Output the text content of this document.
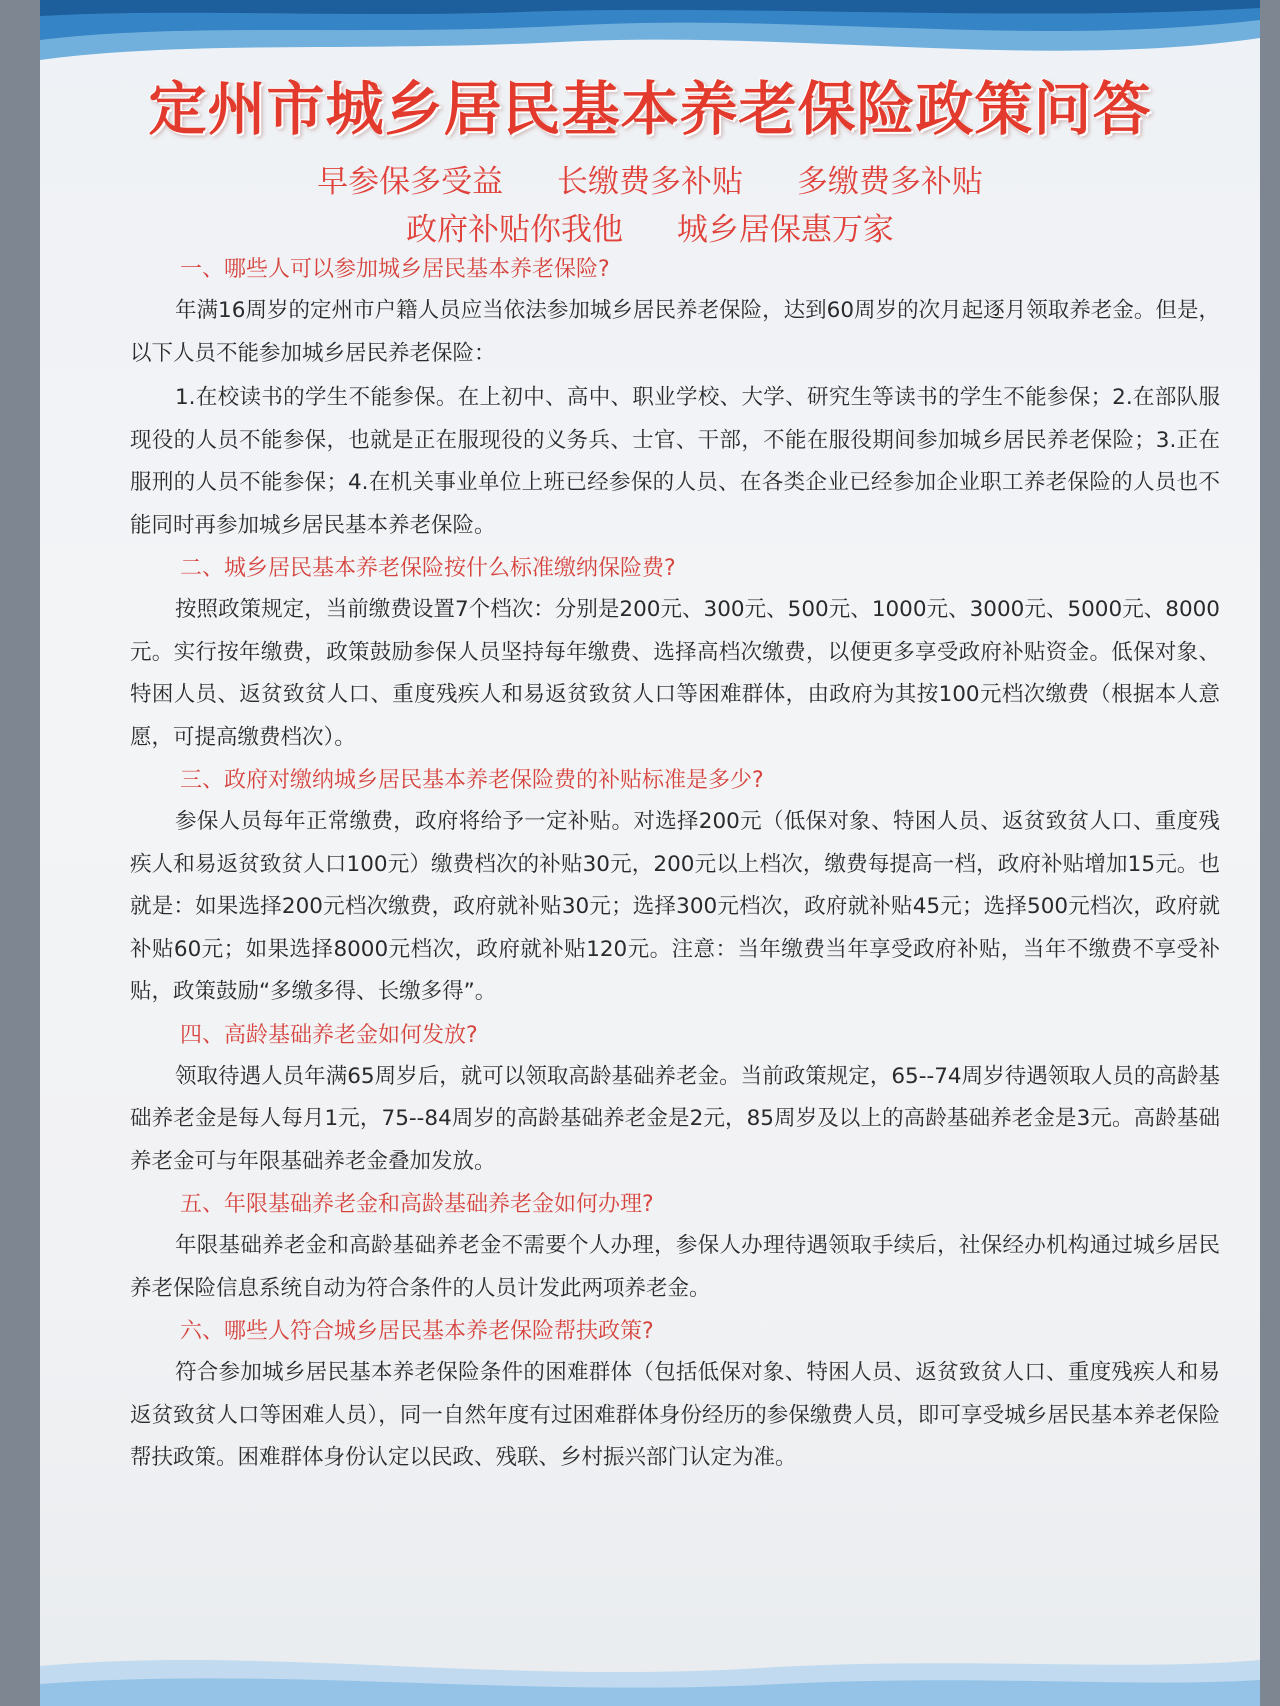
定州市城乡居民基本养老保险政策问答
早参保多受益 长缴费多补贴 多缴费多补贴
政府补贴你我他 城乡居保惠万家
一、哪些人可以参加城乡居民基本养老保险?
年满16周岁的定州市户籍人员应当依法参加城乡居民养老保险，达到60周岁的次月起逐月领取养老金。但是，以下人员不能参加城乡居民养老保险：
1.在校读书的学生不能参保。在上初中、高中、职业学校、大学、研究生等读书的学生不能参保；2.在部队服现役的人员不能参保，也就是正在服现役的义务兵、士官、干部，不能在服役期间参加城乡居民养老保险；3.正在服刑的人员不能参保；4.在机关事业单位上班已经参保的人员、在各类企业已经参加企业职工养老保险的人员也不能同时再参加城乡居民基本养老保险。
二、城乡居民基本养老保险按什么标准缴纳保险费?
按照政策规定，当前缴费设置7个档次：分别是200元、300元、500元、1000元、3000元、5000元、8000元。实行按年缴费，政策鼓励参保人员坚持每年缴费、选择高档次缴费，以便更多享受政府补贴资金。低保对象、特困人员、返贫致贫人口、重度残疾人和易返贫致贫人口等困难群体，由政府为其按100元档次缴费（根据本人意愿，可提高缴费档次）。
三、政府对缴纳城乡居民基本养老保险费的补贴标准是多少?
参保人员每年正常缴费，政府将给予一定补贴。对选择200元（低保对象、特困人员、返贫致贫人口、重度残疾人和易返贫致贫人口100元）缴费档次的补贴30元，200元以上档次，缴费每提高一档，政府补贴增加15元。也就是：如果选择200元档次缴费，政府就补贴30元；选择300元档次，政府就补贴45元；选择500元档次，政府就补贴60元；如果选择8000元档次，政府就补贴120元。注意：当年缴费当年享受政府补贴，当年不缴费不享受补贴，政策鼓励“多缴多得、长缴多得”。
四、高龄基础养老金如何发放?
领取待遇人员年满65周岁后，就可以领取高龄基础养老金。当前政策规定，65--74周岁待遇领取人员的高龄基础养老金是每人每月1元，75--84周岁的高龄基础养老金是2元，85周岁及以上的高龄基础养老金是3元。高龄基础养老金可与年限基础养老金叠加发放。
五、年限基础养老金和高龄基础养老金如何办理?
年限基础养老金和高龄基础养老金不需要个人办理，参保人办理待遇领取手续后，社保经办机构通过城乡居民养老保险信息系统自动为符合条件的人员计发此两项养老金。
六、哪些人符合城乡居民基本养老保险帮扶政策?
符合参加城乡居民基本养老保险条件的困难群体（包括低保对象、特困人员、返贫致贫人口、重度残疾人和易返贫致贫人口等困难人员），同一自然年度有过困难群体身份经历的参保缴费人员，即可享受城乡居民基本养老保险帮扶政策。困难群体身份认定以民政、残联、乡村振兴部门认定为准。
